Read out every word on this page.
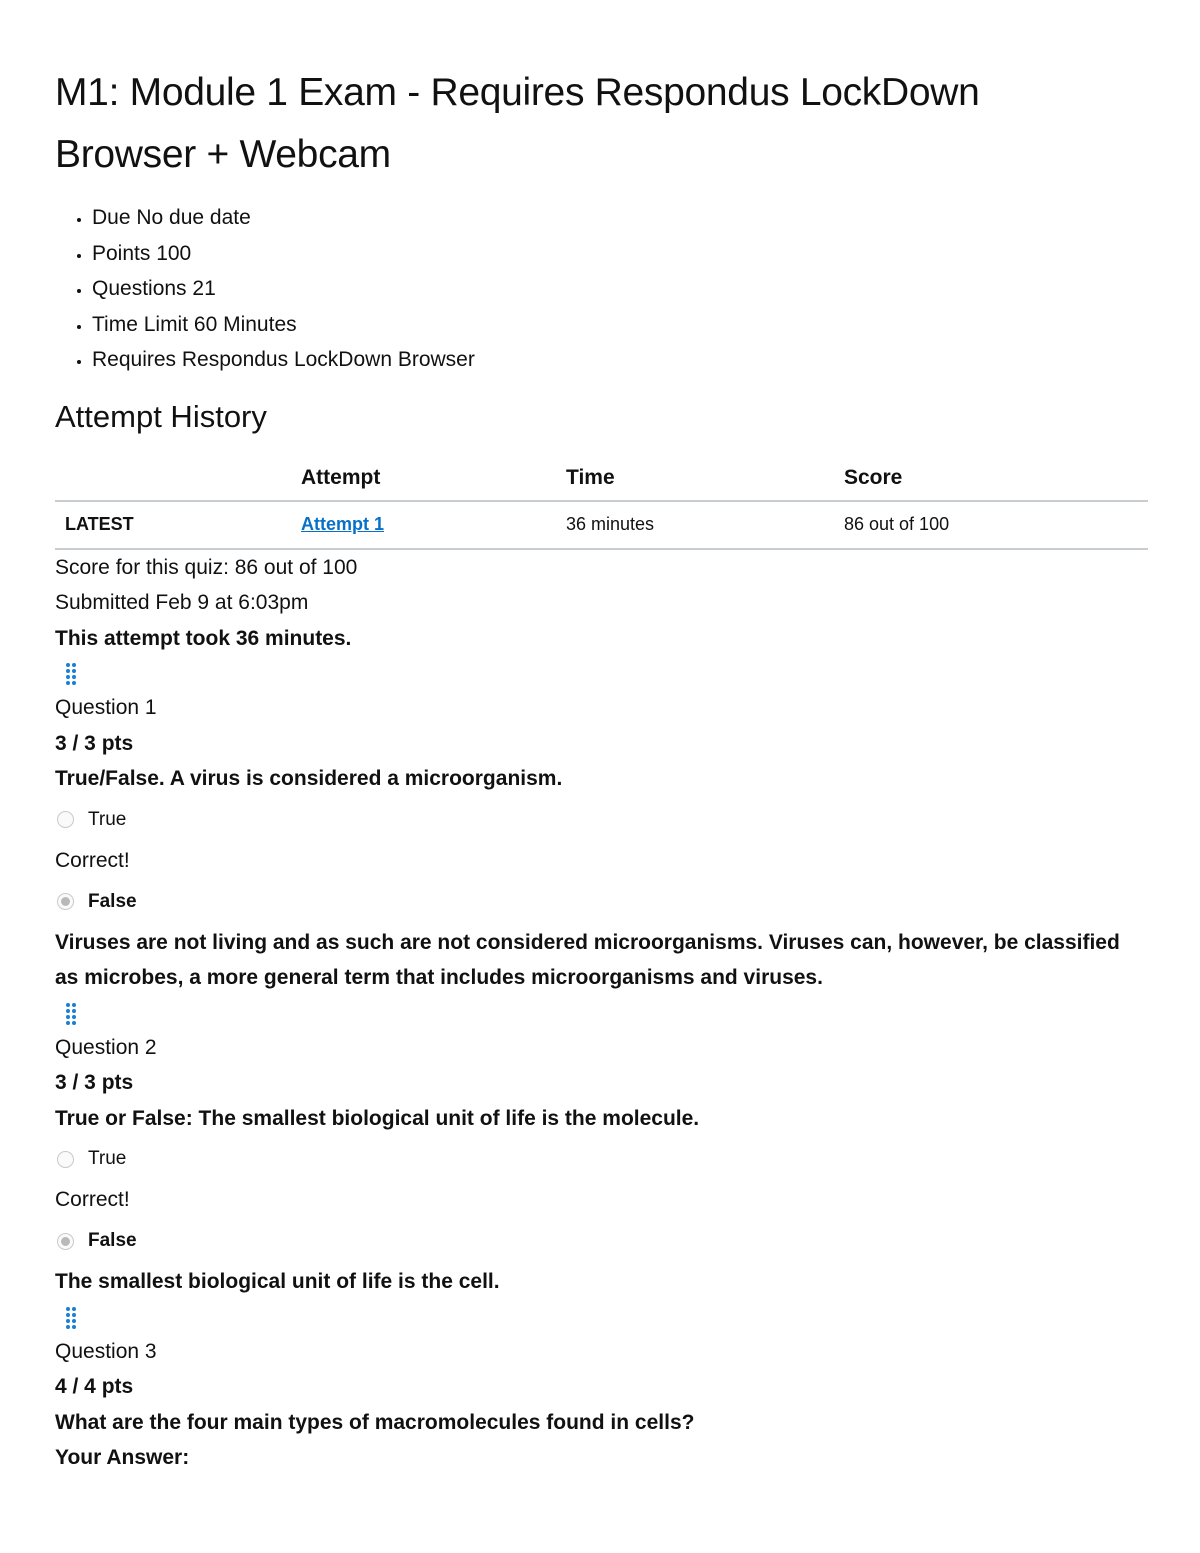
M1: Module 1 Exam - Requires Respondus LockDown
Browser + Webcam
• Due No due date
• Points 100
• Questions 21
• Time Limit 60 Minutes
• Requires Respondus LockDown Browser
Attempt History
	Attempt	Time	Score
LATEST	Attempt 1	36 minutes	86 out of 100
Score for this quiz: 86 out of 100
Submitted Feb 9 at 6:03pm
This attempt took 36 minutes.
Question 1
3 / 3 pts
True/False. A virus is considered a microorganism.
True
Correct!
False
Viruses are not living and as such are not considered microorganisms. Viruses can, however, be classified as microbes, a more general term that includes microorganisms and viruses.
Question 2
3 / 3 pts
True or False: The smallest biological unit of life is the molecule.
True
Correct!
False
The smallest biological unit of life is the cell.
Question 3
4 / 4 pts
What are the four main types of macromolecules found in cells?
Your Answer:
